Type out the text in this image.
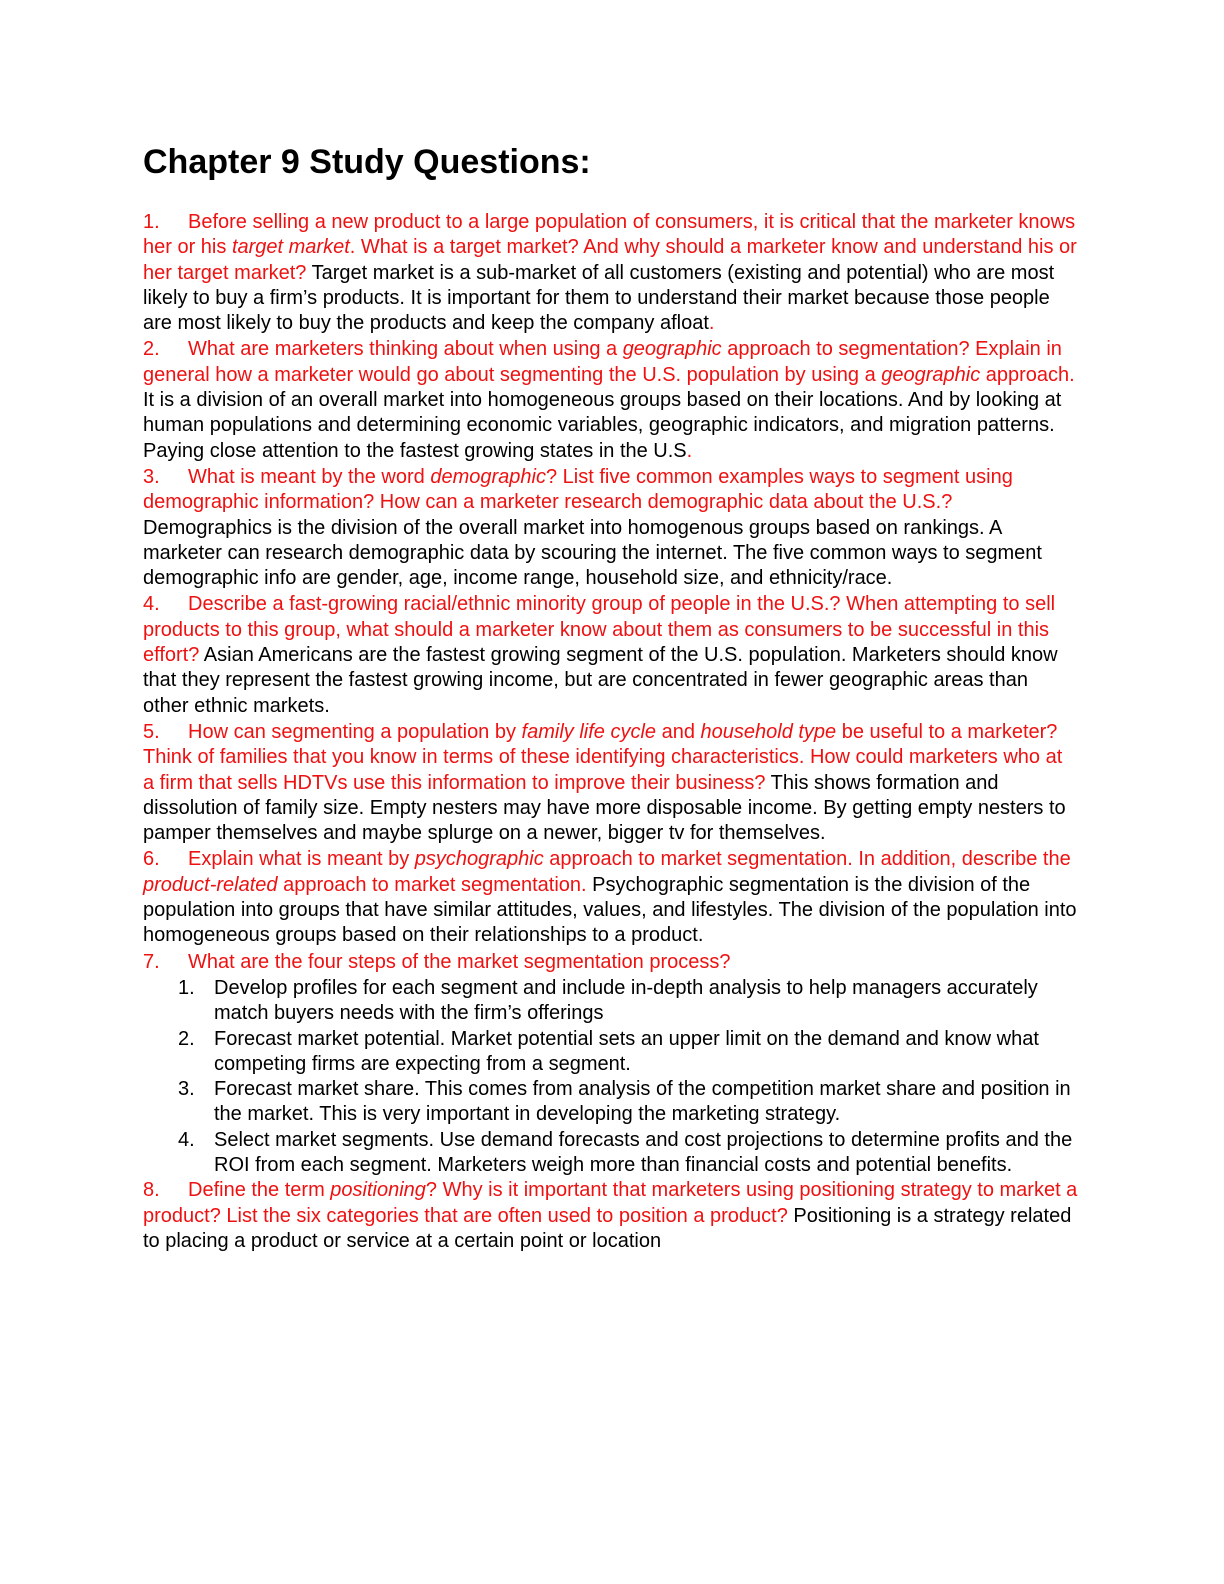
Chapter 9 Study Questions:

1. Before selling a new product to a large population of consumers, it is critical that the marketer knows her or his target market. What is a target market? And why should a marketer know and understand his or her target market? Target market is a sub-market of all customers (existing and potential) who are most likely to buy a firm’s products. It is important for them to understand their market because those people are most likely to buy the products and keep the company afloat.

2. What are marketers thinking about when using a geographic approach to segmentation? Explain in general how a marketer would go about segmenting the U.S. population by using a geographic approach. It is a division of an overall market into homogeneous groups based on their locations. And by looking at human populations and determining economic variables, geographic indicators, and migration patterns. Paying close attention to the fastest growing states in the U.S.

3. What is meant by the word demographic? List five common examples ways to segment using demographic information? How can a marketer research demographic data about the U.S.? Demographics is the division of the overall market into homogenous groups based on rankings. A marketer can research demographic data by scouring the internet. The five common ways to segment demographic info are gender, age, income range, household size, and ethnicity/race.

4. Describe a fast-growing racial/ethnic minority group of people in the U.S.? When attempting to sell products to this group, what should a marketer know about them as consumers to be successful in this effort? Asian Americans are the fastest growing segment of the U.S. population. Marketers should know that they represent the fastest growing income, but are concentrated in fewer geographic areas than other ethnic markets.

5. How can segmenting a population by family life cycle and household type be useful to a marketer? Think of families that you know in terms of these identifying characteristics. How could marketers who at a firm that sells HDTVs use this information to improve their business? This shows formation and dissolution of family size. Empty nesters may have more disposable income. By getting empty nesters to pamper themselves and maybe splurge on a newer, bigger tv for themselves.

6. Explain what is meant by psychographic approach to market segmentation. In addition, describe the product-related approach to market segmentation. Psychographic segmentation is the division of the population into groups that have similar attitudes, values, and lifestyles. The division of the population into homogeneous groups based on their relationships to a product.

7. What are the four steps of the market segmentation process?

1. Develop profiles for each segment and include in-depth analysis to help managers accurately match buyers needs with the firm’s offerings
2. Forecast market potential. Market potential sets an upper limit on the demand and know what competing firms are expecting from a segment.
3. Forecast market share. This comes from analysis of the competition market share and position in the market. This is very important in developing the marketing strategy.
4. Select market segments. Use demand forecasts and cost projections to determine profits and the ROI from each segment. Marketers weigh more than financial costs and potential benefits.

8. Define the term positioning? Why is it important that marketers using positioning strategy to market a product? List the six categories that are often used to position a product? Positioning is a strategy related to placing a product or service at a certain point or location
